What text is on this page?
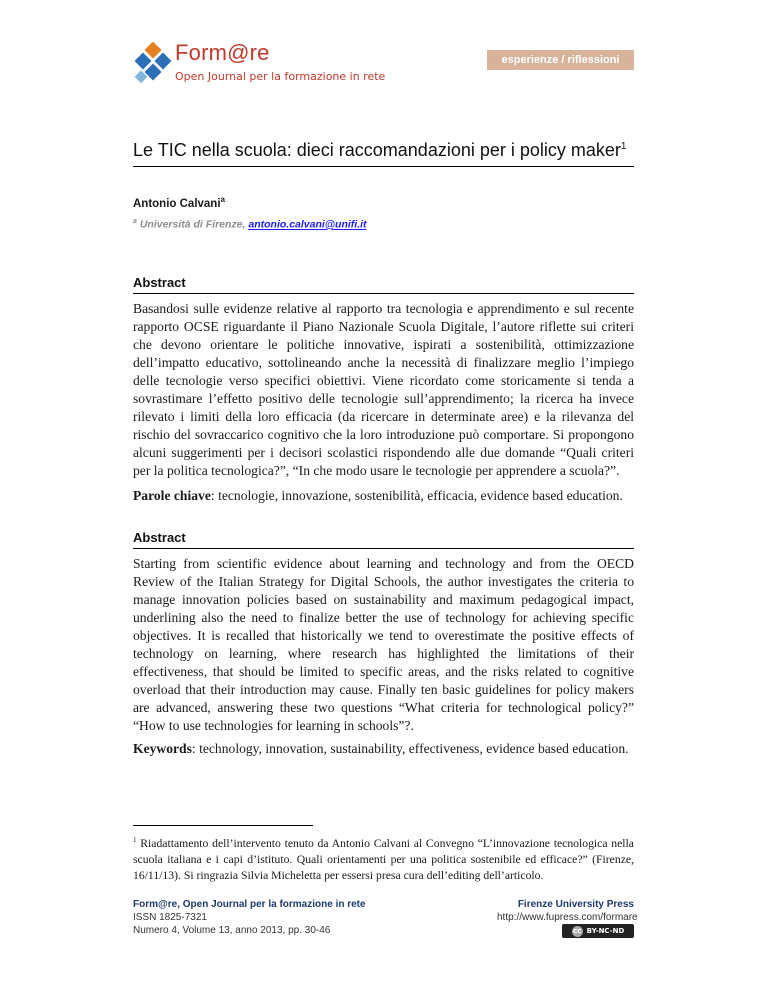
Form@re
Open Journal per la formazione in rete
esperienze / riflessioni
Le TIC nella scuola: dieci raccomandazioni per i policy maker$^1$
Antonio Calvani$^a$
$^a$ Università di Firenze, antonio.calvani@unifi.it
Abstract
Basandosi sulle evidenze relative al rapporto tra tecnologia e apprendimento e sul recente rapporto OCSE riguardante il Piano Nazionale Scuola Digitale, l’autore riflette sui criteri che devono orientare le politiche innovative, ispirati a sostenibilità, ottimizzazione dell’impatto educativo, sottolineando anche la necessità di finalizzare meglio l’impiego delle tecnologie verso specifici obiettivi. Viene ricordato come storicamente si tenda a sovrastimare l’effetto positivo delle tecnologie sull’apprendimento; la ricerca ha invece rilevato i limiti della loro efficacia (da ricercare in determinate aree) e la rilevanza del rischio del sovraccarico cognitivo che la loro introduzione può comportare. Si propongono alcuni suggerimenti per i decisori scolastici rispondendo alle due domande “Quali criteri per la politica tecnologica?”, “In che modo usare le tecnologie per apprendere a scuola?”.
Parole chiave: tecnologie, innovazione, sostenibilità, efficacia, evidence based education.
Abstract
Starting from scientific evidence about learning and technology and from the OECD Review of the Italian Strategy for Digital Schools, the author investigates the criteria to manage innovation policies based on sustainability and maximum pedagogical impact, underlining also the need to finalize better the use of technology for achieving specific objectives. It is recalled that historically we tend to overestimate the positive effects of technology on learning, where research has highlighted the limitations of their effectiveness, that should be limited to specific areas, and the risks related to cognitive overload that their introduction may cause. Finally ten basic guidelines for policy makers are advanced, answering these two questions “What criteria for technological policy?” “How to use technologies for learning in schools”?.
Keywords: technology, innovation, sustainability, effectiveness, evidence based education.
$^1$ Riadattamento dell’intervento tenuto da Antonio Calvani al Convegno “L’innovazione tecnologica nella scuola italiana e i capi d’istituto. Quali orientamenti per una politica sostenibile ed efficace?” (Firenze, 16/11/13). Si ringrazia Silvia Micheletta per essersi presa cura dell’editing dell’articolo.
Form@re, Open Journal per la formazione in rete
ISSN 1825-7321
Numero 4, Volume 13, anno 2013, pp. 30-46
Firenze University Press
http://www.fupress.com/formare
cc BY-NC-ND
